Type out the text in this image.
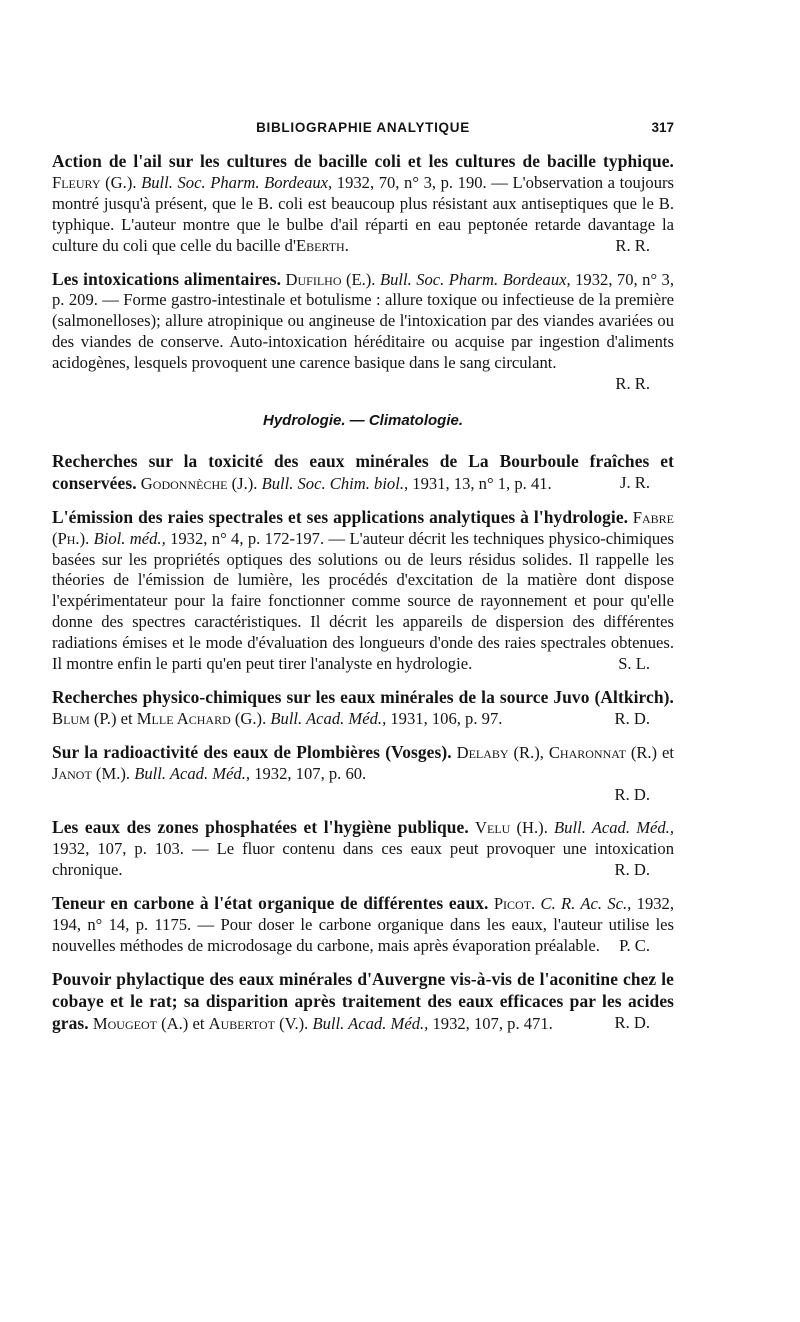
BIBLIOGRAPHIE ANALYTIQUE	317
Action de l'ail sur les cultures de bacille coli et les cultures de bacille typhique. Fleury (G.). Bull. Soc. Pharm. Bordeaux, 1932, 70, n° 3, p. 190. — L'observation a toujours montré jusqu'à présent, que le B. coli est beaucoup plus résistant aux antiseptiques que le B. typhique. L'auteur montre que le bulbe d'ail réparti en eau peptonée retarde davantage la culture du coli que celle du bacille d'Eberth.	R. R.
Les intoxications alimentaires. Dufilho (E.). Bull. Soc. Pharm. Bordeaux, 1932, 70, n° 3, p. 209. — Forme gastro-intestinale et botulisme : allure toxique ou infectieuse de la première (salmonelloses); allure atropinique ou angineuse de l'intoxication par des viandes avariées ou des viandes de conserve. Auto-intoxication héréditaire ou acquise par ingestion d'aliments acidogènes, lesquels provoquent une carence basique dans le sang circulant.
R. R.
Hydrologie. — Climatologie.
Recherches sur la toxicité des eaux minérales de La Bourboule fraîches et conservées. Godonnèche (J.). Bull. Soc. Chim. biol., 1931, 13, n° 1, p. 41.	J. R.
L'émission des raies spectrales et ses applications analytiques à l'hydrologie. Fabre (Ph.). Biol. méd., 1932, n° 4, p. 172-197. — L'auteur décrit les techniques physico-chimiques basées sur les propriétés optiques des solutions ou de leurs résidus solides. Il rappelle les théories de l'émission de lumière, les procédés d'excitation de la matière dont dispose l'expérimentateur pour la faire fonctionner comme source de rayonnement et pour qu'elle donne des spectres caractéristiques. Il décrit les appareils de dispersion des différentes radiations émises et le mode d'évaluation des longueurs d'onde des raies spectrales obtenues. Il montre enfin le parti qu'en peut tirer l'analyste en hydrologie.	S. L.
Recherches physico-chimiques sur les eaux minérales de la source Juvo (Altkirch). Blum (P.) et Mlle Achard (G.). Bull. Acad. Méd., 1931, 106, p. 97.	R. D.
Sur la radioactivité des eaux de Plombières (Vosges). Delaby (R.), Charonnat (R.) et Janot (M.). Bull. Acad. Méd., 1932, 107, p. 60.
R. D.
Les eaux des zones phosphatées et l'hygiène publique. Velu (H.). Bull. Acad. Méd., 1932, 107, p. 103. — Le fluor contenu dans ces eaux peut provoquer une intoxication chronique.	R. D.
Teneur en carbone à l'état organique de différentes eaux. Picot. C. R. Ac. Sc., 1932, 194, n° 14, p. 1175. — Pour doser le carbone organique dans les eaux, l'auteur utilise les nouvelles méthodes de microdosage du carbone, mais après évaporation préalable. P. C.
Pouvoir phylactique des eaux minérales d'Auvergne vis-à-vis de l'aconitine chez le cobaye et le rat; sa disparition après traitement des eaux efficaces par les acides gras. Mougeot (A.) et Aubertot (V.). Bull. Acad. Méd., 1932, 107, p. 471.	R. D.
